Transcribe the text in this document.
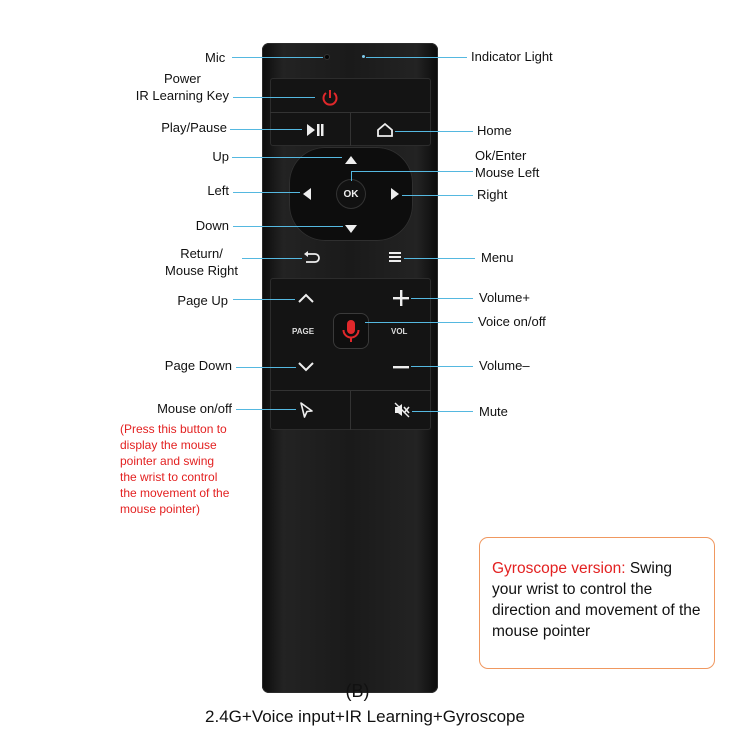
OK
PAGE	VOL
Mic
Power
IR Learning Key
Play/Pause
Up
Left
Down
Return/
Mouse Right
Page Up
Page Down
Mouse on/off
(Press this button to
display the mouse
pointer and swing
the wrist to control
the movement of the
mouse pointer)
Indicator Light
Home
Ok/Enter
Mouse Left
Right
Menu
Volume+
Voice on/off
Volume–
Mute
Gyroscope version: Swing your wrist to control the direction and movement of the mouse pointer
(B)
2.4G+Voice input+IR Learning+Gyroscope
